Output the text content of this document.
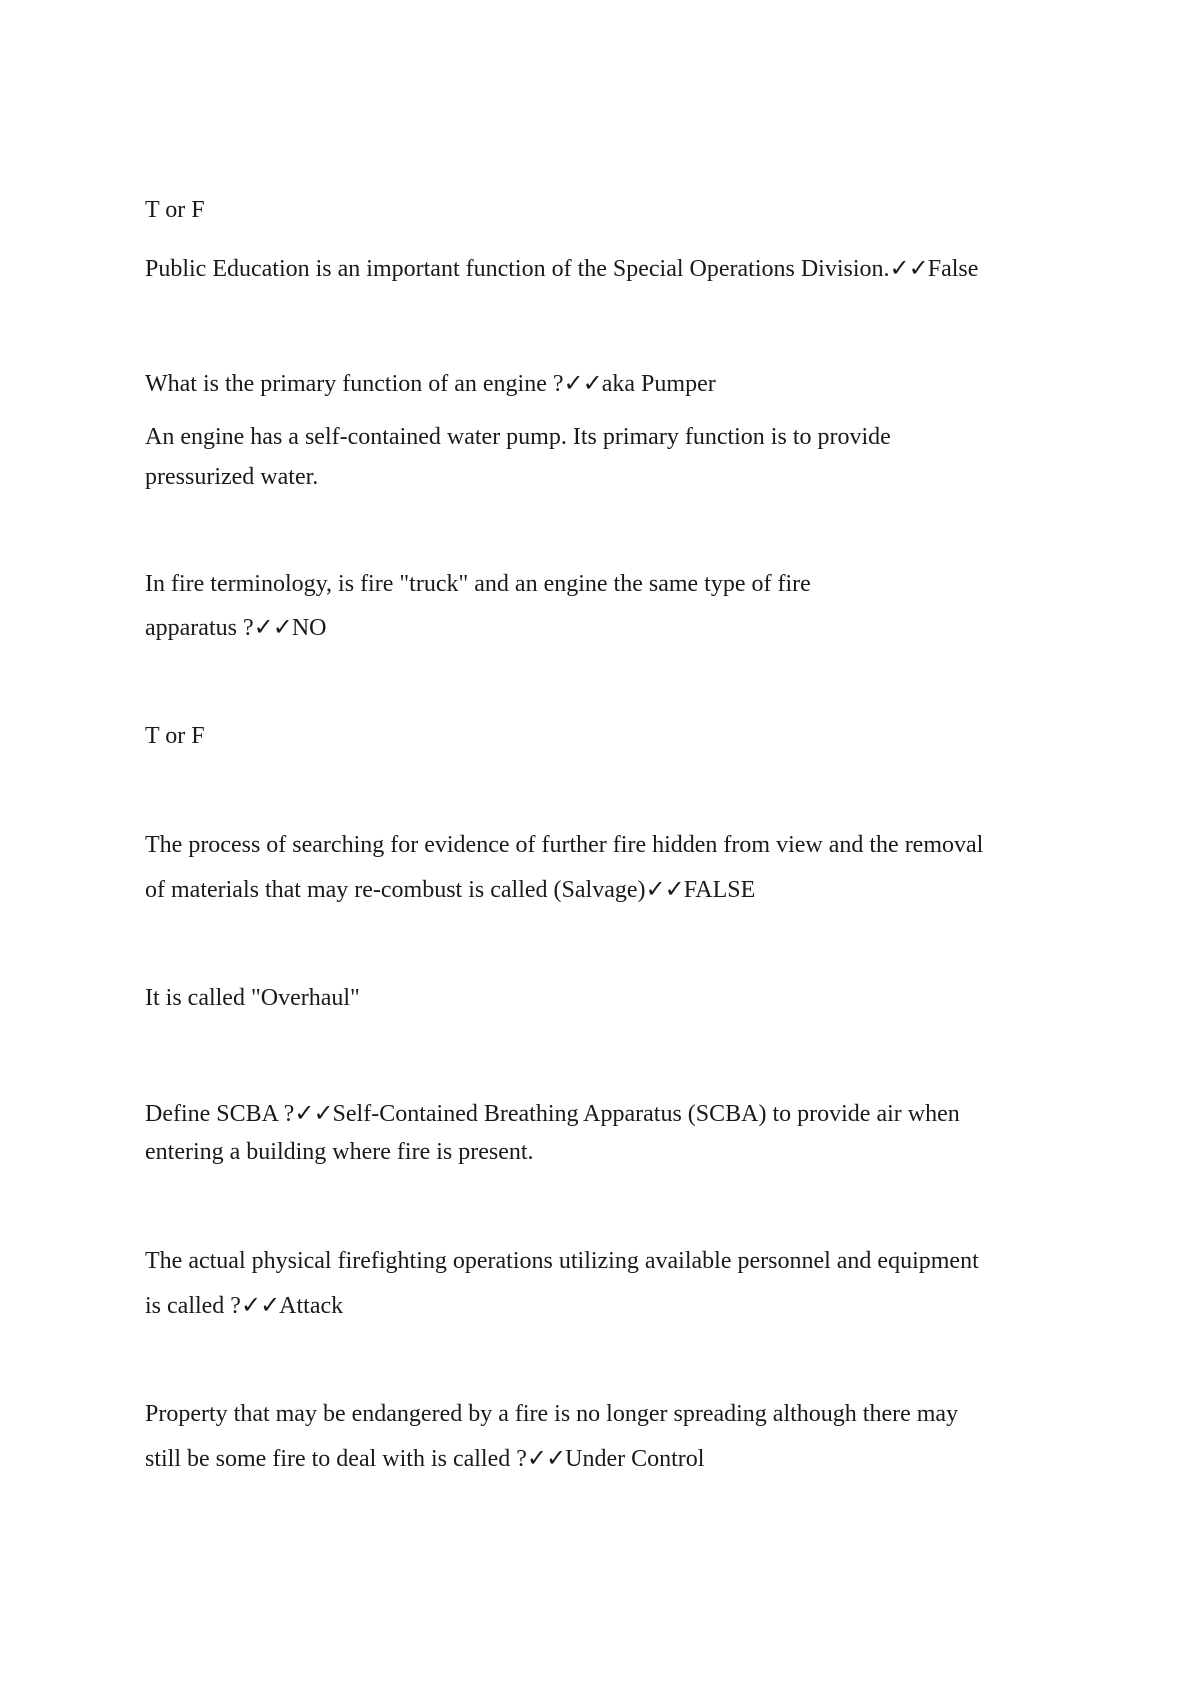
T or F
Public Education is an important function of the Special Operations Division.✓✓False
What is the primary function of an engine ?✓✓aka Pumper
An engine has a self-contained water pump. Its primary function is to provide
pressurized water.
In fire terminology, is fire "truck" and an engine the same type of fire
apparatus ?✓✓NO
T or F
The process of searching for evidence of further fire hidden from view and the removal
of materials that may re-combust is called (Salvage)✓✓FALSE
It is called "Overhaul"
Define SCBA ?✓✓Self-Contained Breathing Apparatus (SCBA) to provide air when
entering a building where fire is present.
The actual physical firefighting operations utilizing available personnel and equipment
is called ?✓✓Attack
Property that may be endangered by a fire is no longer spreading although there may
still be some fire to deal with is called ?✓✓Under Control
